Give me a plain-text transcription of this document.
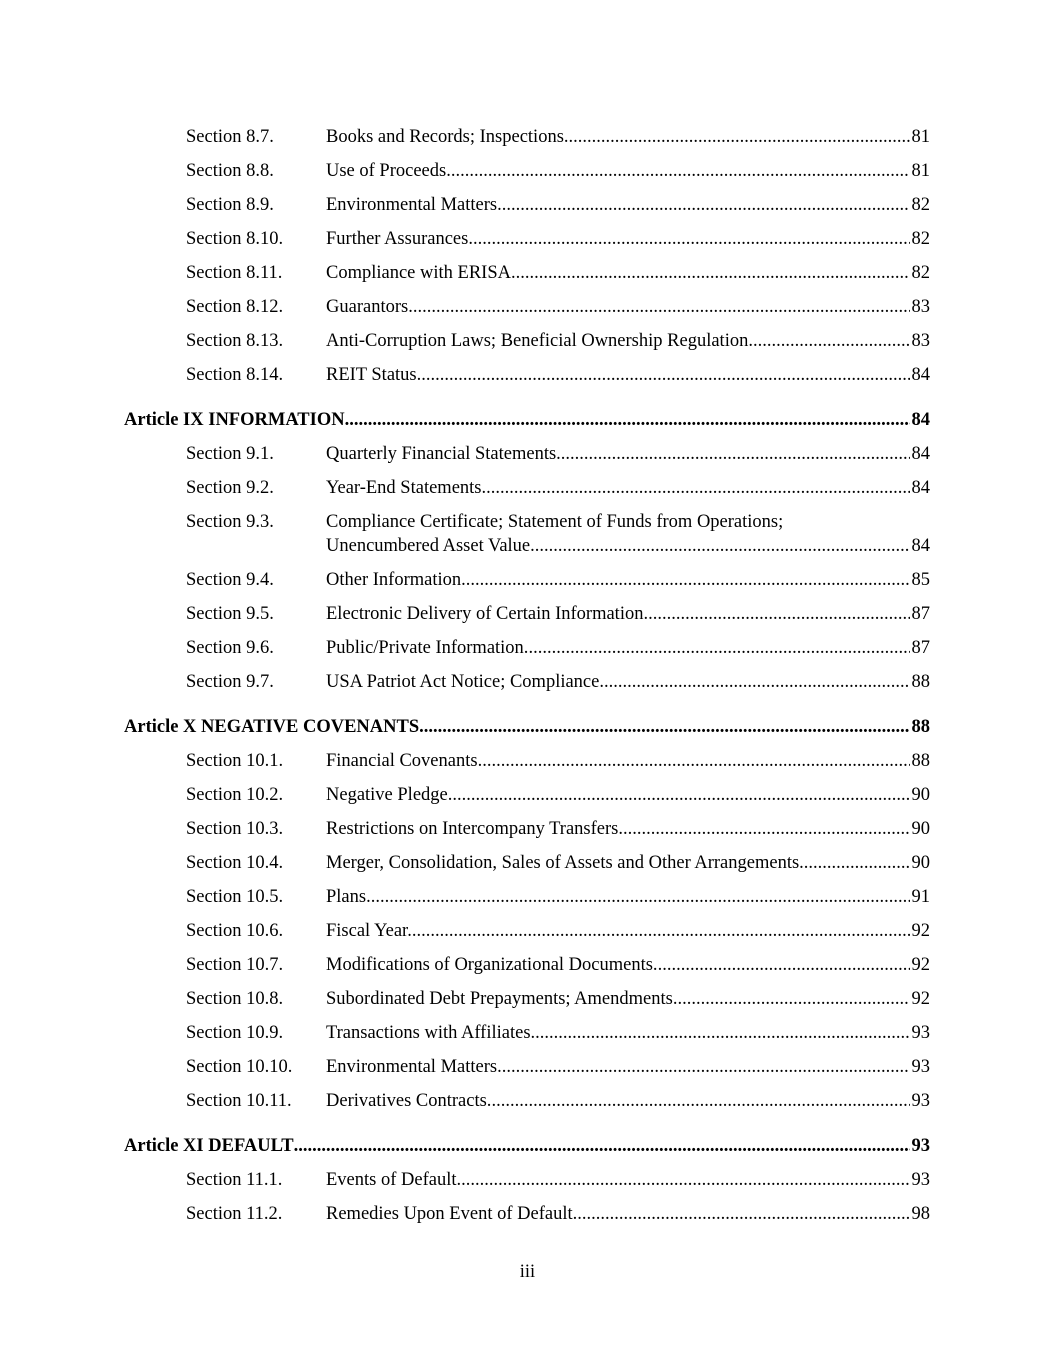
Section 8.7.	Books and Records; Inspections. .....	81
Section 8.8.	Use of Proceeds .....	81
Section 8.9.	Environmental Matters .....	82
Section 8.10.	Further Assurances .....	82
Section 8.11.	Compliance with ERISA .....	82
Section 8.12.	Guarantors. .....	83
Section 8.13.	Anti-Corruption Laws; Beneficial Ownership Regulation. .....	83
Section 8.14.	REIT Status. .....	84
Article IX INFORMATION .....	84
Section 9.1.	Quarterly Financial Statements. .....	84
Section 9.2.	Year-End Statements. .....	84
Section 9.3.	Compliance Certificate; Statement of Funds from Operations;
Unencumbered Asset Value .....	84
Section 9.4.	Other Information. .....	85
Section 9.5.	Electronic Delivery of Certain Information. .....	87
Section 9.6.	Public/Private Information. .....	87
Section 9.7.	USA Patriot Act Notice; Compliance. .....	88
Article X NEGATIVE COVENANTS .....	88
Section 10.1.	Financial Covenants. .....	88
Section 10.2.	Negative Pledge. .....	90
Section 10.3.	Restrictions on Intercompany Transfers. .....	90
Section 10.4.	Merger, Consolidation, Sales of Assets and Other Arrangements .....	90
Section 10.5.	Plans. .....	91
Section 10.6.	Fiscal Year. .....	92
Section 10.7.	Modifications of Organizational Documents. .....	92
Section 10.8.	Subordinated Debt Prepayments; Amendments. .....	92
Section 10.9.	Transactions with Affiliates. .....	93
Section 10.10.	Environmental Matters .....	93
Section 10.11.	Derivatives Contracts. .....	93
Article XI DEFAULT .....	93
Section 11.1.	Events of Default. .....	93
Section 11.2.	Remedies Upon Event of Default. .....	98
iii
